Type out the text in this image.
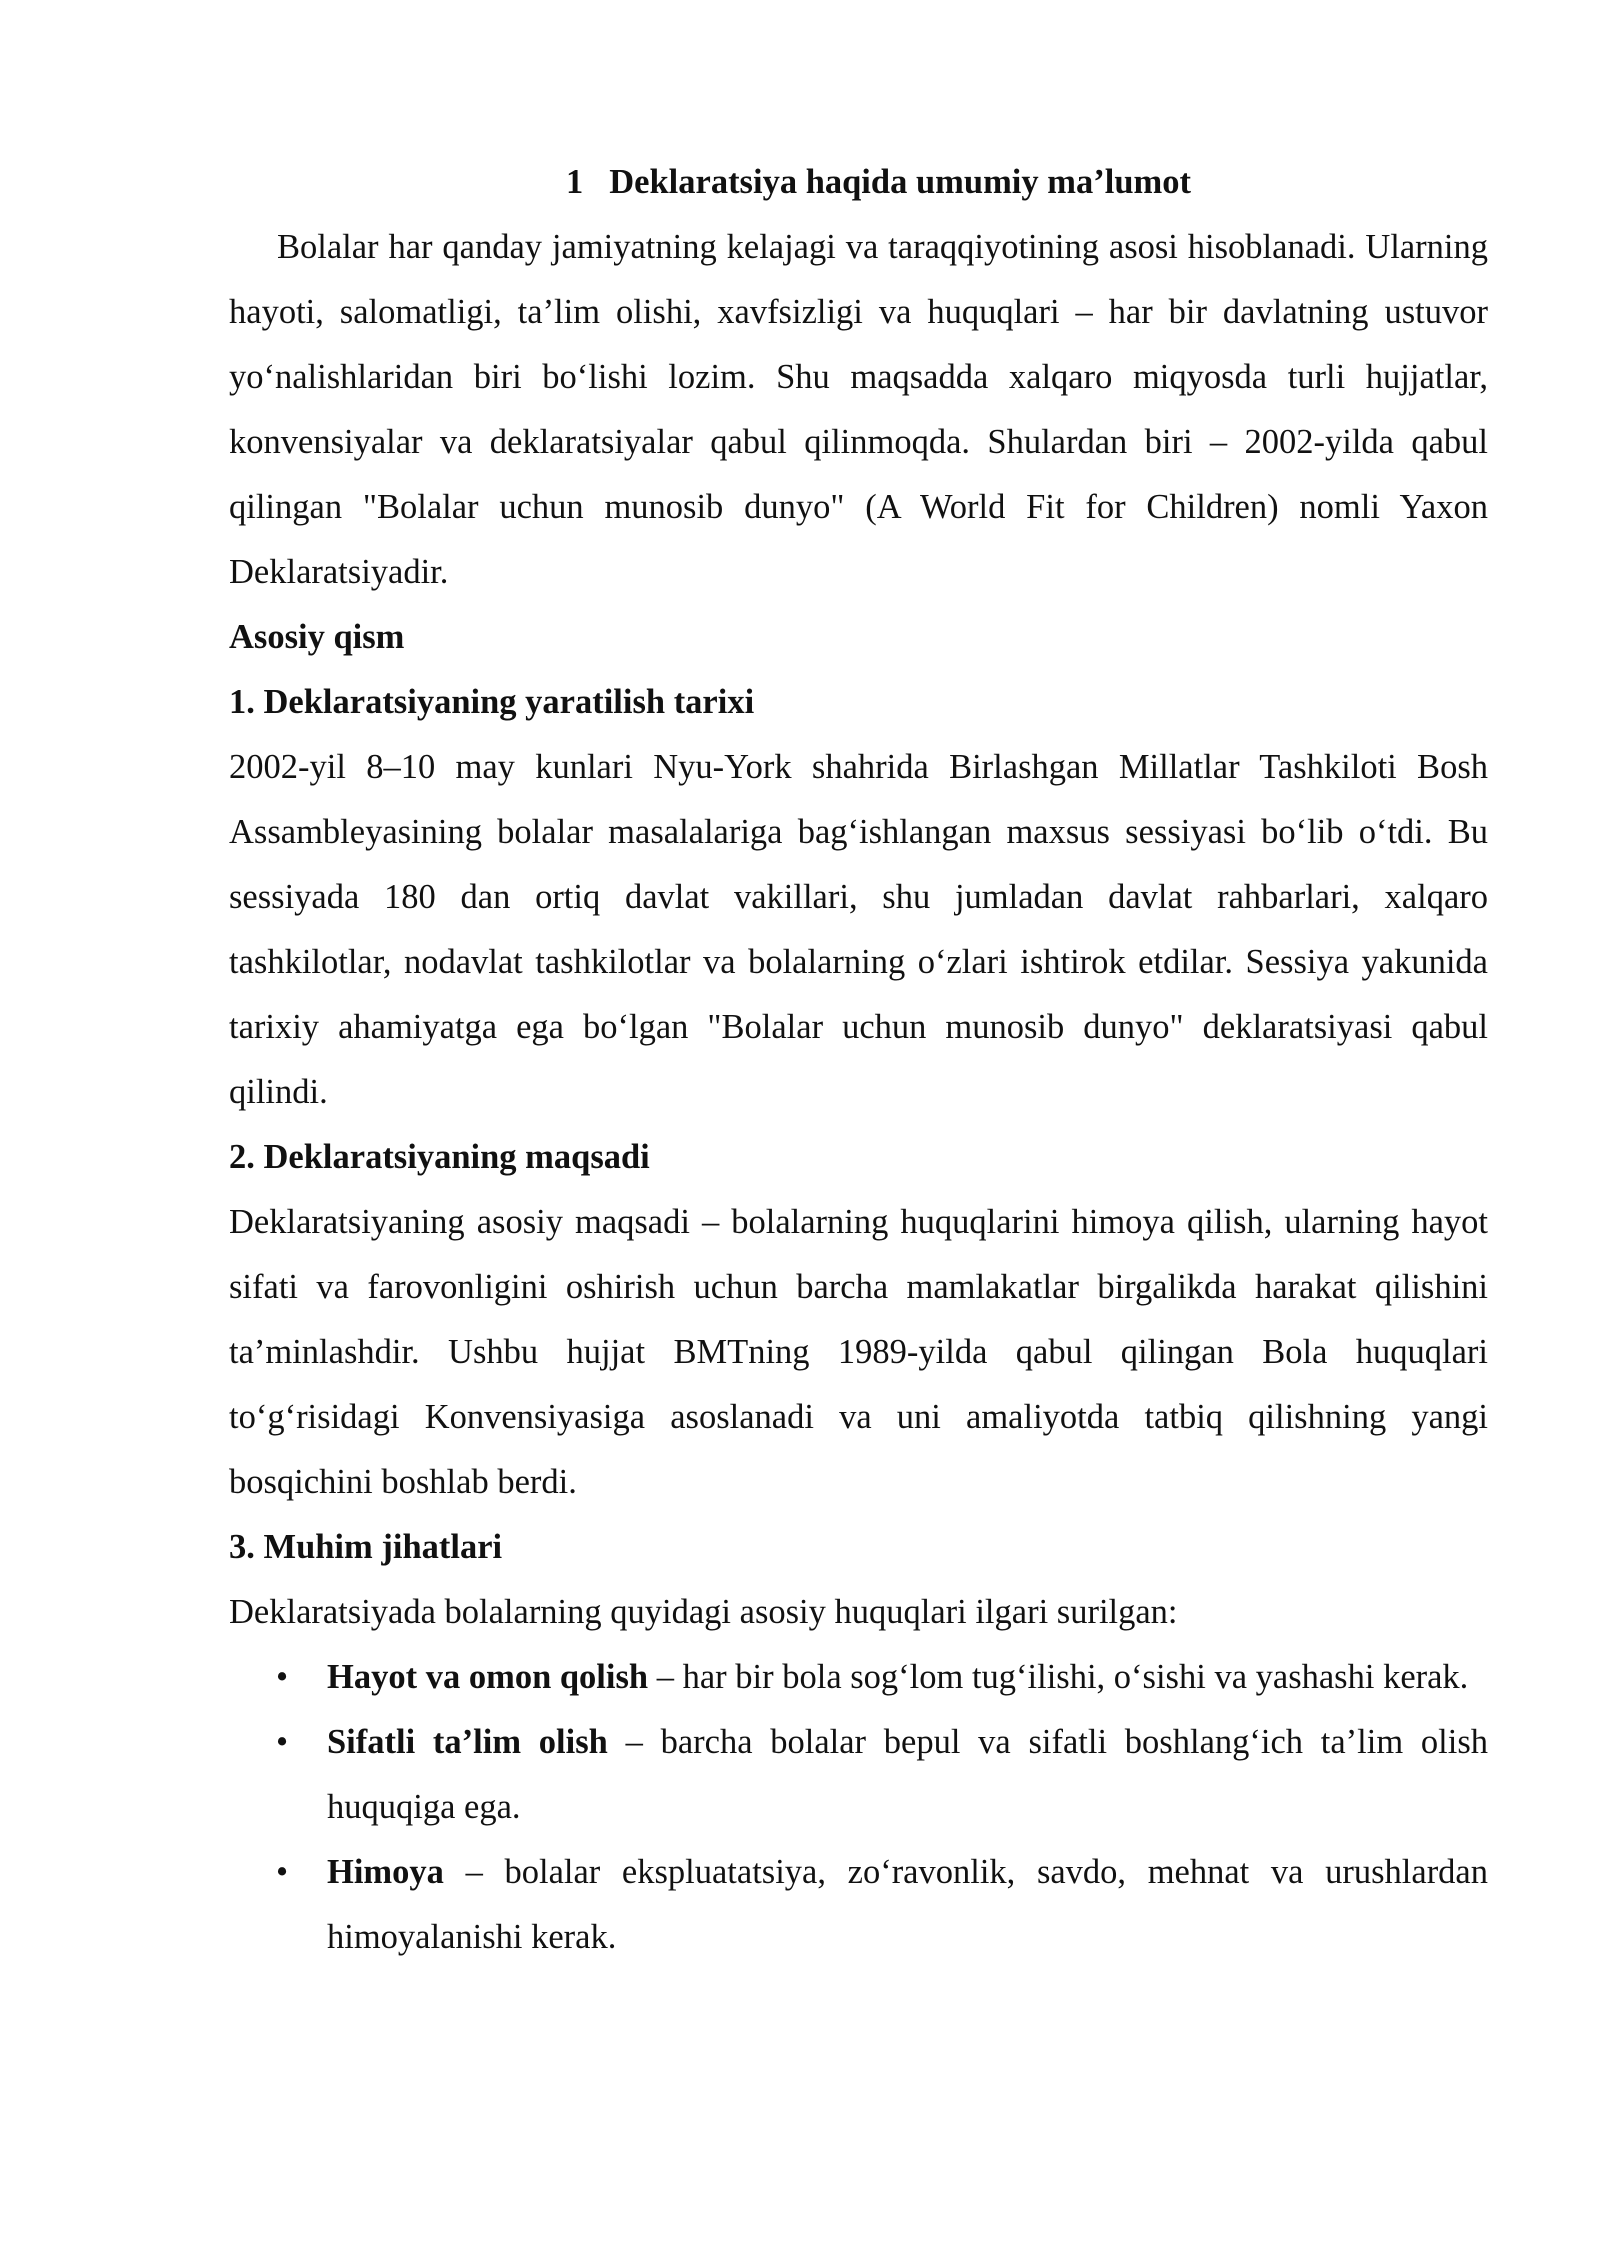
1 Deklaratsiya haqida umumiy ma’lumot

Bolalar har qanday jamiyatning kelajagi va taraqqiyotining asosi hisoblanadi. Ularning hayoti, salomatligi, ta’lim olishi, xavfsizligi va huquqlari – har bir davlatning ustuvor yo‘nalishlaridan biri bo‘lishi lozim. Shu maqsadda xalqaro miqyosda turli hujjatlar, konvensiyalar va deklaratsiyalar qabul qilinmoqda. Shulardan biri – 2002-yilda qabul qilingan "Bolalar uchun munosib dunyo" (A World Fit for Children) nomli Yaxon Deklaratsiyadir.

Asosiy qism
1. Deklaratsiyaning yaratilish tarixi

2002-yil 8–10 may kunlari Nyu-York shahrida Birlashgan Millatlar Tashkiloti Bosh Assambleyasining bolalar masalalariga bag‘ishlangan maxsus sessiyasi bo‘lib o‘tdi. Bu sessiyada 180 dan ortiq davlat vakillari, shu jumladan davlat rahbarlari, xalqaro tashkilotlar, nodavlat tashkilotlar va bolalarning o‘zlari ishtirok etdilar. Sessiya yakunida tarixiy ahamiyatga ega bo‘lgan "Bolalar uchun munosib dunyo" deklaratsiyasi qabul qilindi.

2. Deklaratsiyaning maqsadi

Deklaratsiyaning asosiy maqsadi – bolalarning huquqlarini himoya qilish, ularning hayot sifati va farovonligini oshirish uchun barcha mamlakatlar birgalikda harakat qilishini ta’minlashdir. Ushbu hujjat BMTning 1989-yilda qabul qilingan Bola huquqlari to‘g‘risidagi Konvensiyasiga asoslanadi va uni amaliyotda tatbiq qilishning yangi bosqichini boshlab berdi.

3. Muhim jihatlari

Deklaratsiyada bolalarning quyidagi asosiy huquqlari ilgari surilgan:

• Hayot va omon qolish – har bir bola sog‘lom tug‘ilishi, o‘sishi va yashashi kerak.
• Sifatli ta’lim olish – barcha bolalar bepul va sifatli boshlang‘ich ta’lim olish huquqiga ega.
• Himoya – bolalar ekspluatatsiya, zo‘ravonlik, savdo, mehnat va urushlardan himoyalanishi kerak.
